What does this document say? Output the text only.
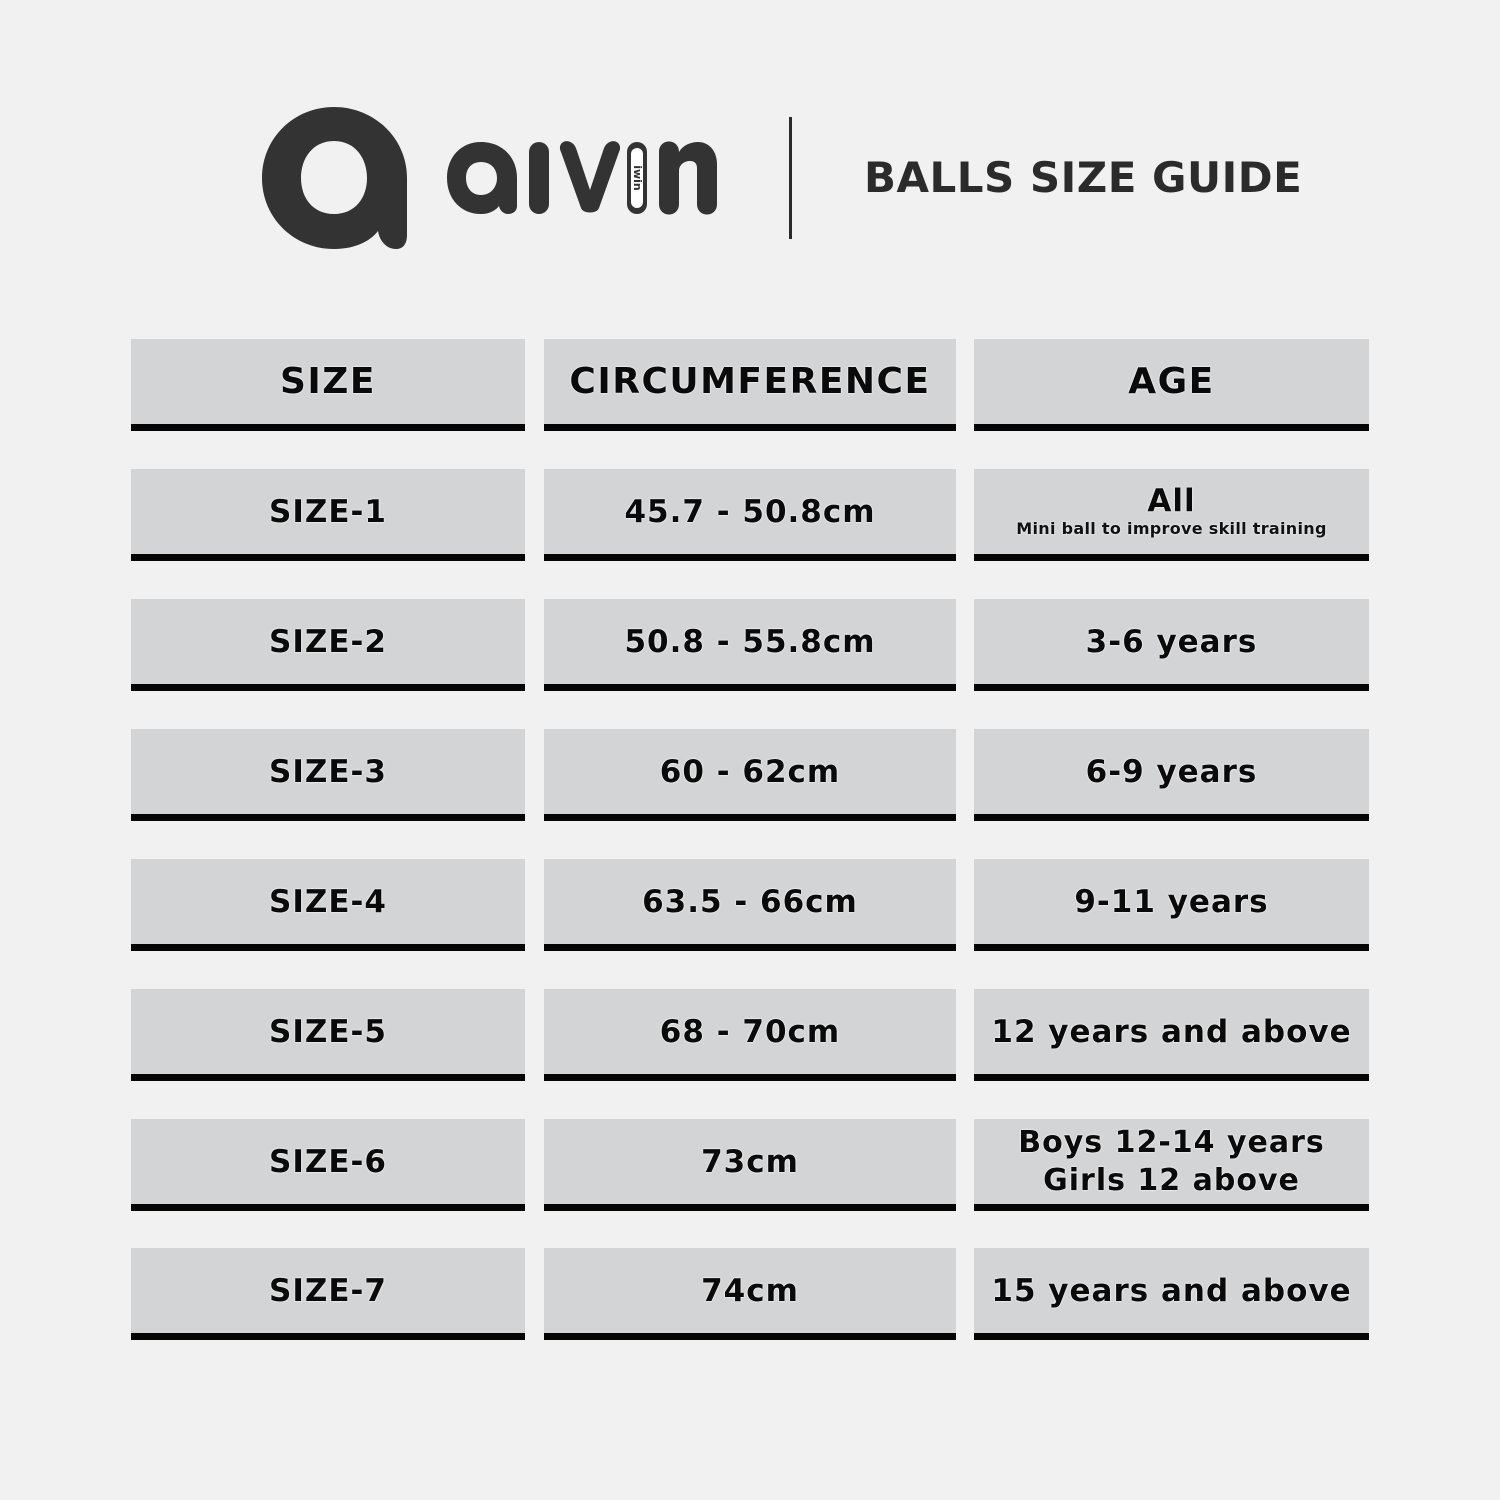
iwin	BALLS SIZE GUIDE
SIZE	CIRCUMFERENCE	AGE
SIZE-1	45.7 - 50.8cm	All
Mini ball to improve skill training
SIZE-2	50.8 - 55.8cm	3-6 years
SIZE-3	60 - 62cm	6-9 years
SIZE-4	63.5 - 66cm	9-11 years
SIZE-5	68 - 70cm	12 years and above
SIZE-6	73cm
Boys 12-14 years
Girls 12 above
SIZE-7	74cm	15 years and above
